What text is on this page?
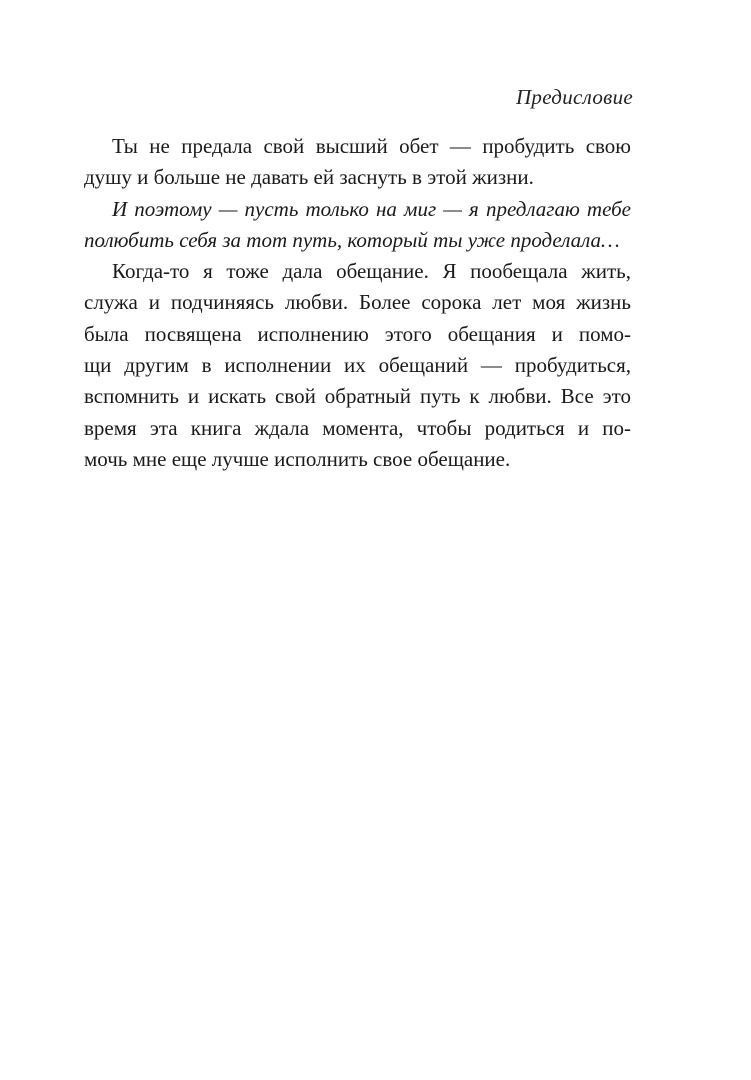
Предисловие

Ты не предала свой высший обет — пробудить свою
душу и больше не давать ей заснуть в этой жизни.
И поэтому — пусть только на миг — я предлагаю тебе
полюбить себя за тот путь, который ты уже проделала…
Когда-то я тоже дала обещание. Я пообещала жить,
служа и подчиняясь любви. Более сорока лет моя жизнь
была посвящена исполнению этого обещания и помо-
щи другим в исполнении их обещаний — пробудиться,
вспомнить и искать свой обратный путь к любви. Все это
время эта книга ждала момента, чтобы родиться и по-
мочь мне еще лучше исполнить свое обещание.
